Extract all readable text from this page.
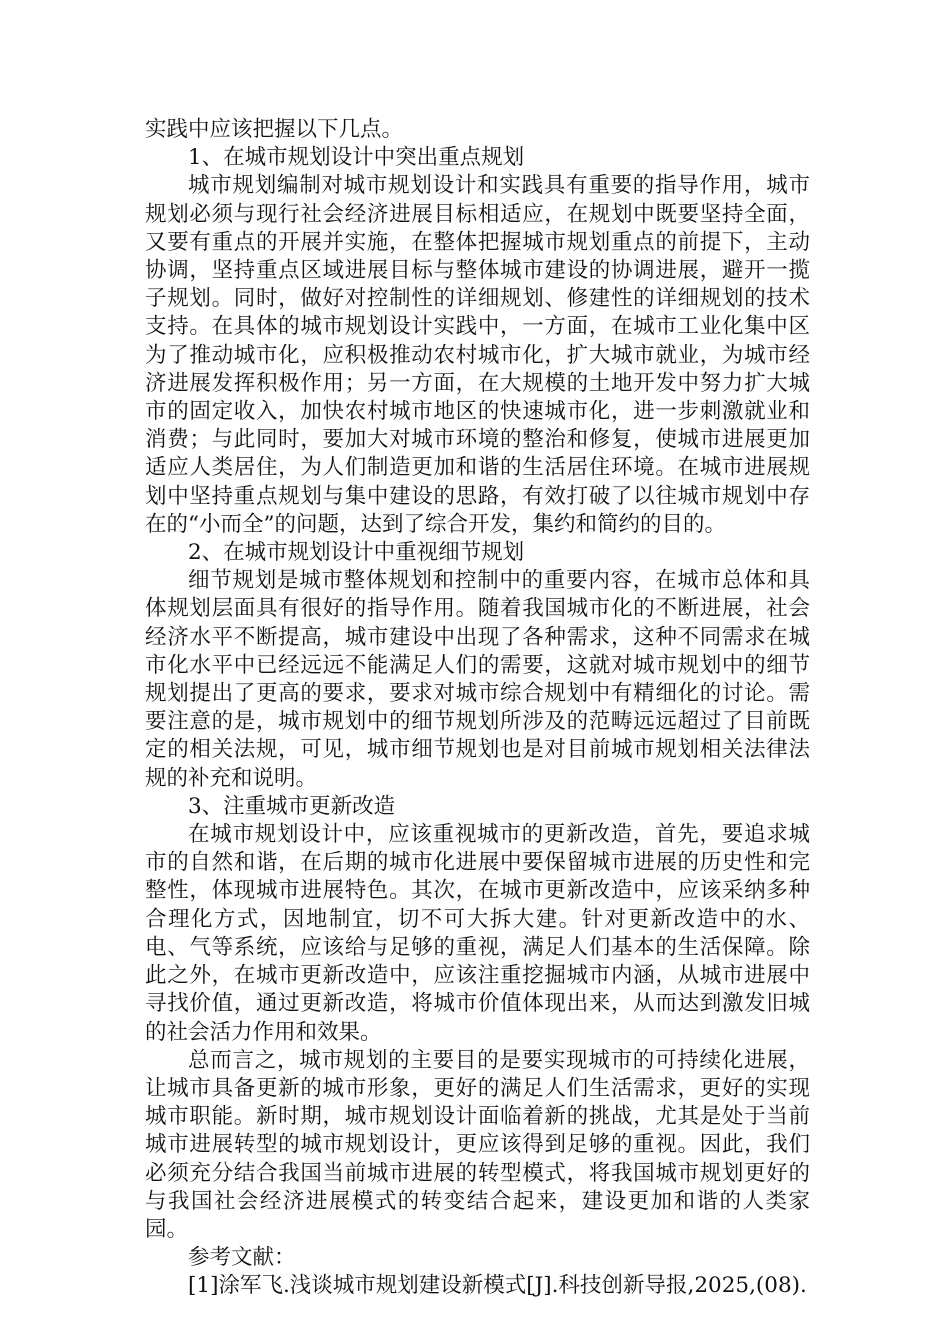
实践中应该把握以下几点。

1、在城市规划设计中突出重点规划

城市规划编制对城市规划设计和实践具有重要的指导作用，城市规划必须与现行社会经济进展目标相适应，在规划中既要坚持全面，又要有重点的开展并实施，在整体把握城市规划重点的前提下，主动协调，坚持重点区域进展目标与整体城市建设的协调进展，避开一揽子规划。同时，做好对控制性的详细规划、修建性的详细规划的技术支持。在具体的城市规划设计实践中，一方面，在城市工业化集中区为了推动城市化，应积极推动农村城市化，扩大城市就业，为城市经济进展发挥积极作用；另一方面，在大规模的土地开发中努力扩大城市的固定收入，加快农村城市地区的快速城市化，进一步刺激就业和消费；与此同时，要加大对城市环境的整治和修复，使城市进展更加适应人类居住，为人们制造更加和谐的生活居住环境。在城市进展规划中坚持重点规划与集中建设的思路，有效打破了以往城市规划中存在的“小而全”的问题，达到了综合开发，集约和简约的目的。

2、在城市规划设计中重视细节规划

细节规划是城市整体规划和控制中的重要内容，在城市总体和具体规划层面具有很好的指导作用。随着我国城市化的不断进展，社会经济水平不断提高，城市建设中出现了各种需求，这种不同需求在城市化水平中已经远远不能满足人们的需要，这就对城市规划中的细节规划提出了更高的要求，要求对城市综合规划中有精细化的讨论。需要注意的是，城市规划中的细节规划所涉及的范畴远远超过了目前既定的相关法规，可见，城市细节规划也是对目前城市规划相关法律法规的补充和说明。

3、注重城市更新改造

在城市规划设计中，应该重视城市的更新改造，首先，要追求城市的自然和谐，在后期的城市化进展中要保留城市进展的历史性和完整性，体现城市进展特色。其次，在城市更新改造中，应该采纳多种合理化方式，因地制宜，切不可大拆大建。针对更新改造中的水、电、气等系统，应该给与足够的重视，满足人们基本的生活保障。除此之外，在城市更新改造中，应该注重挖掘城市内涵，从城市进展中寻找价值，通过更新改造，将城市价值体现出来，从而达到激发旧城的社会活力作用和效果。

总而言之，城市规划的主要目的是要实现城市的可持续化进展，让城市具备更新的城市形象，更好的满足人们生活需求，更好的实现城市职能。新时期，城市规划设计面临着新的挑战，尤其是处于当前城市进展转型的城市规划设计，更应该得到足够的重视。因此，我们必须充分结合我国当前城市进展的转型模式，将我国城市规划更好的与我国社会经济进展模式的转变结合起来，建设更加和谐的人类家园。

参考文献：

[1]涂军飞.浅谈城市规划建设新模式[J].科技创新导报,2025,(08).
